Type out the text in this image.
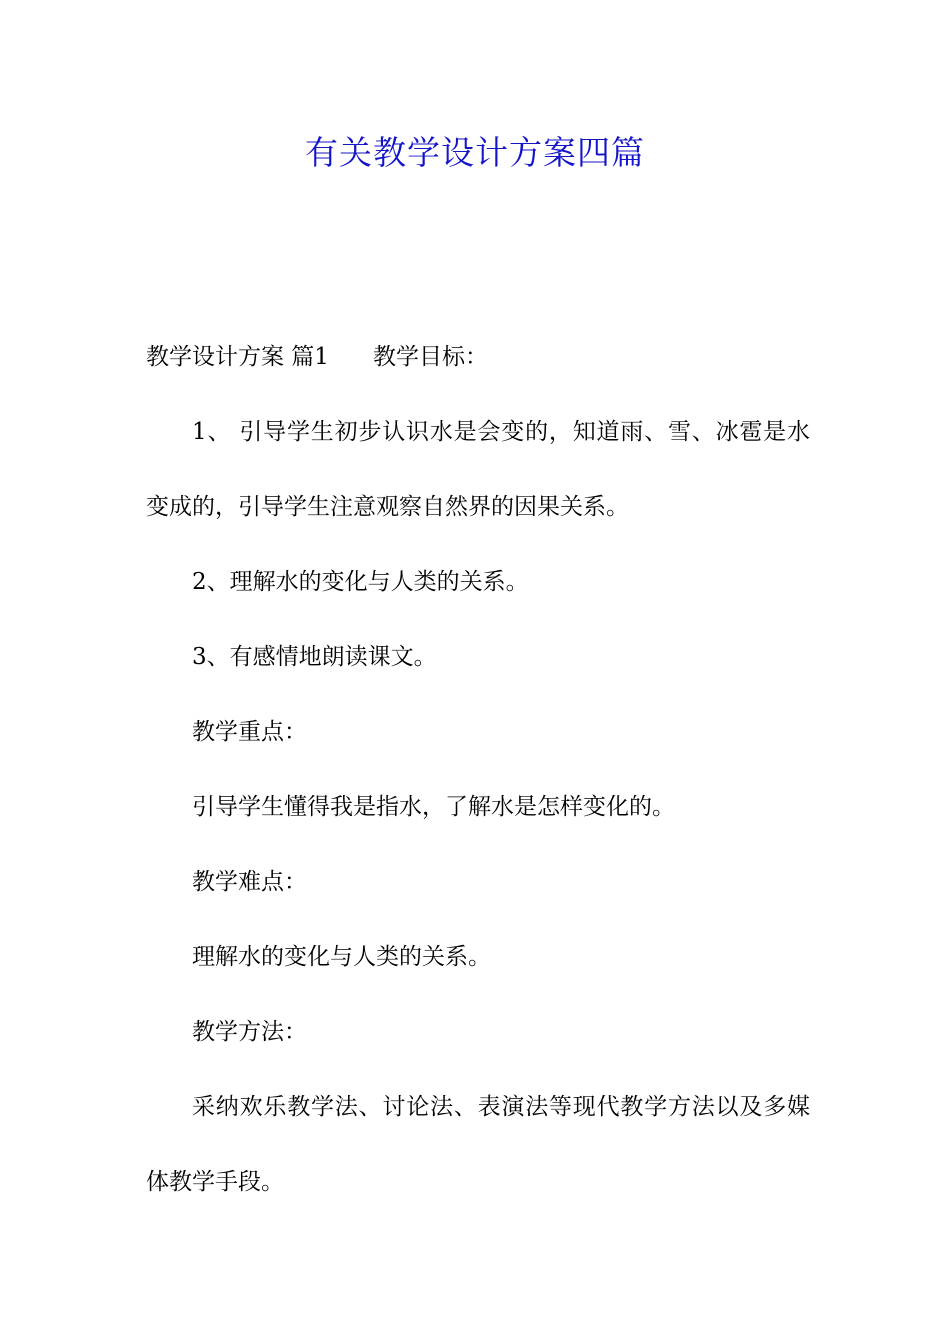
有关教学设计方案四篇
教学设计方案 篇1 教学目标：
1、 引导学生初步认识水是会变的，知道雨、雪、冰雹是水变成的，引导学生注意观察自然界的因果关系。
2、理解水的变化与人类的关系。
3、有感情地朗读课文。
教学重点：
引导学生懂得我是指水，了解水是怎样变化的。
教学难点：
理解水的变化与人类的关系。
教学方法：
采纳欢乐教学法、讨论法、表演法等现代教学方法以及多媒体教学手段。
